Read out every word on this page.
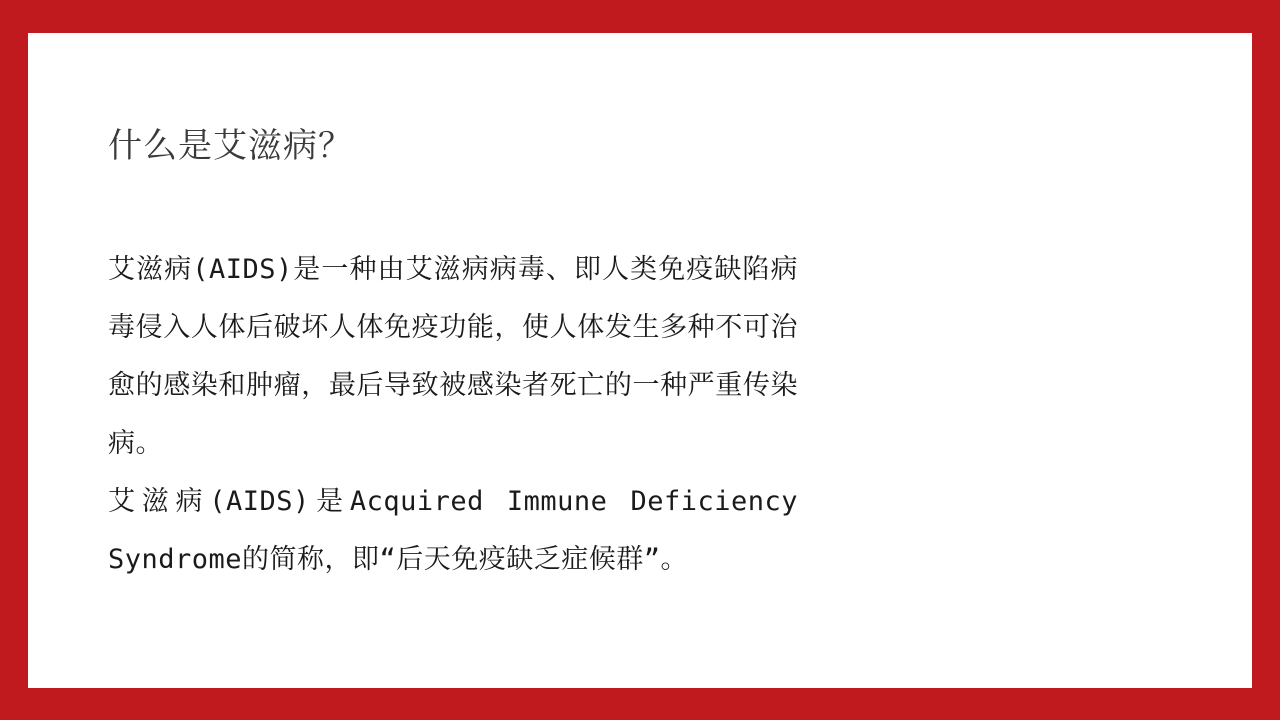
什么是艾滋病？

艾滋病(AIDS)是一种由艾滋病病毒、即人类免疫缺陷病毒侵入人体后破坏人体免疫功能，使人体发生多种不可治愈的感染和肿瘤，最后导致被感染者死亡的一种严重传染病。

艾滋病(AIDS)是Acquired Immune Deficiency Syndrome的简称，即“后天免疫缺乏症候群”。
